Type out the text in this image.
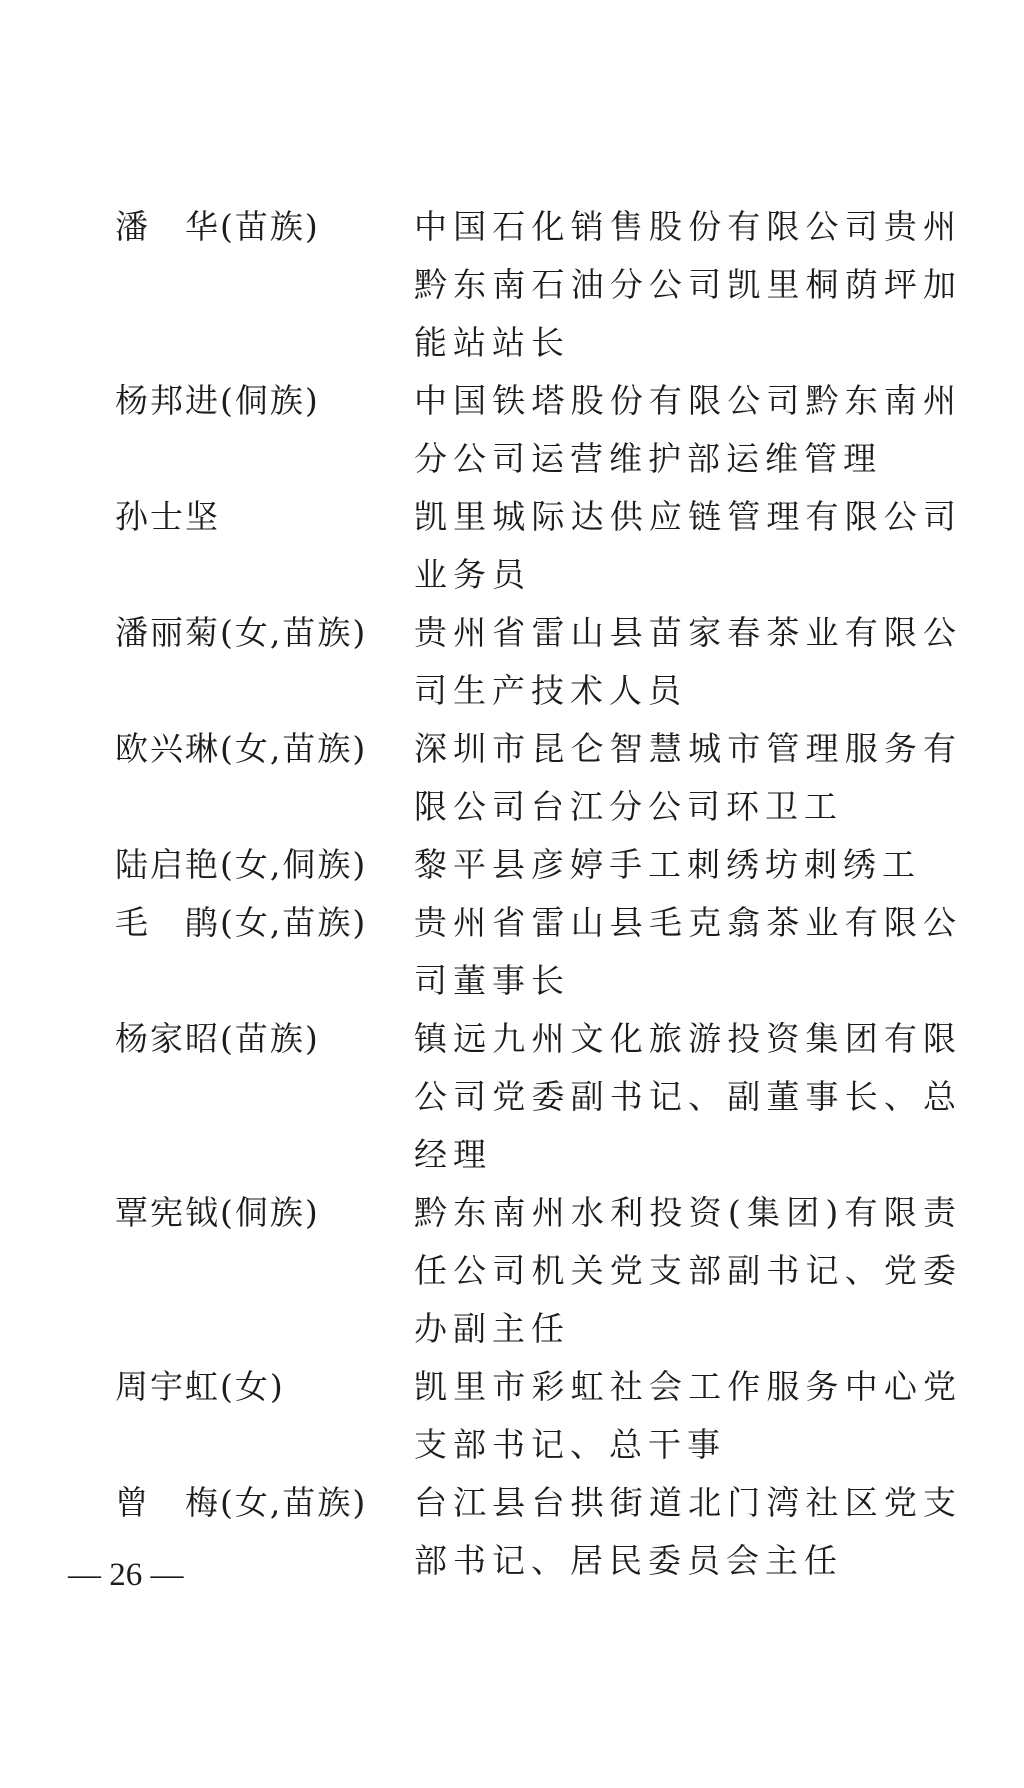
潘　华(苗族)	中国石化销售股份有限公司贵州黔东南石油分公司凯里桐荫坪加能站站长
杨邦进(侗族)	中国铁塔股份有限公司黔东南州分公司运营维护部运维管理
孙士坚	凯里城际达供应链管理有限公司业务员
潘丽菊(女,苗族)	贵州省雷山县苗家春茶业有限公司生产技术人员
欧兴琳(女,苗族)	深圳市昆仑智慧城市管理服务有限公司台江分公司环卫工
陆启艳(女,侗族)	黎平县彦婷手工刺绣坊刺绣工
毛　鹃(女,苗族)	贵州省雷山县毛克翕茶业有限公司董事长
杨家昭(苗族)	镇远九州文化旅游投资集团有限公司党委副书记、副董事长、总经理
覃宪钺(侗族)	黔东南州水利投资(集团)有限责任公司机关党支部副书记、党委办副主任
周宇虹(女)	凯里市彩虹社会工作服务中心党支部书记、总干事
曾　梅(女,苗族)	台江县台拱街道北门湾社区党支部书记、居民委员会主任
— 26 —
